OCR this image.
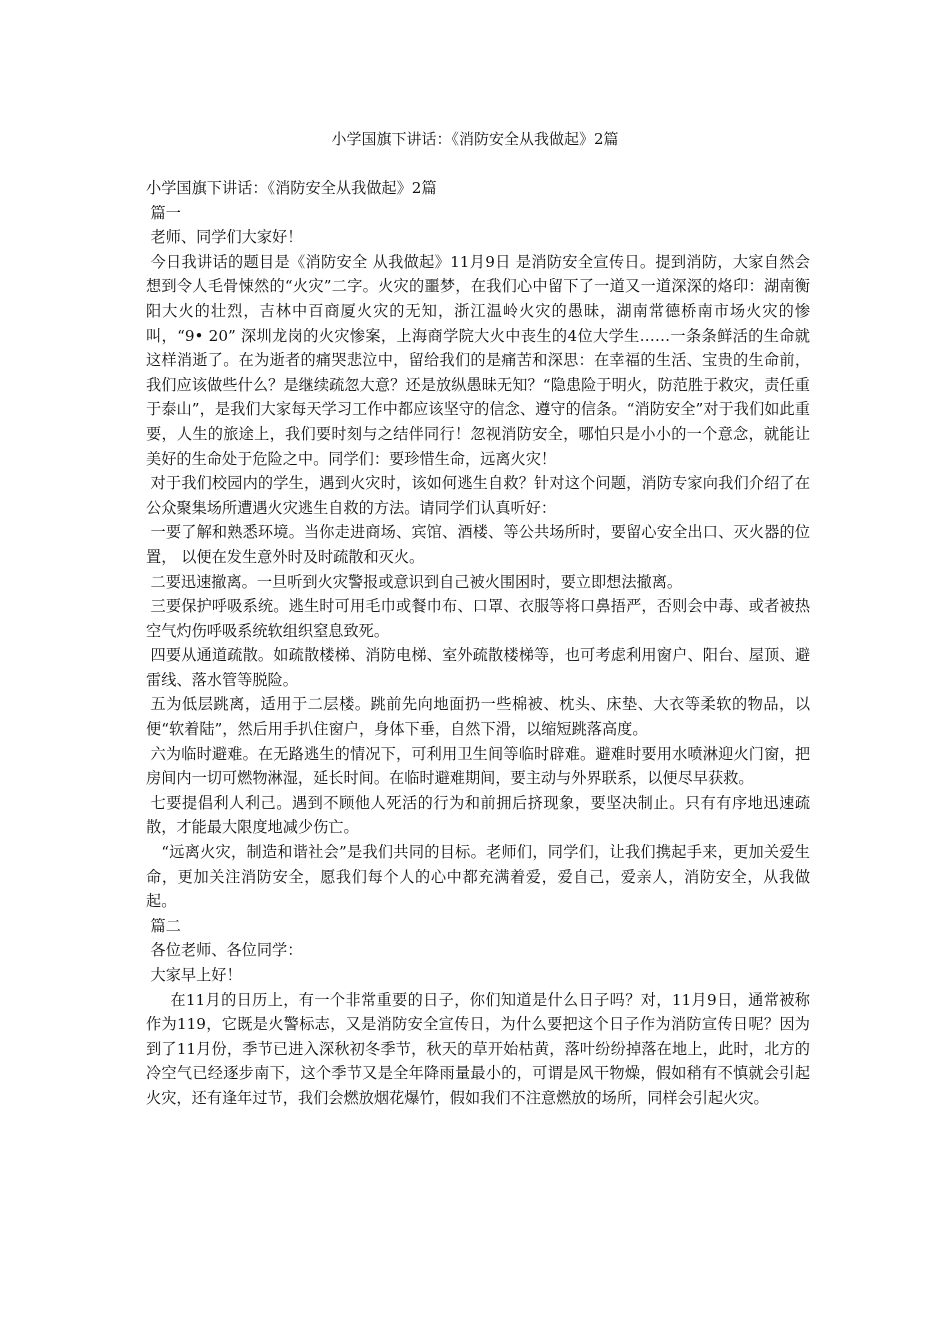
小学国旗下讲话：《消防安全从我做起》2篇

小学国旗下讲话：《消防安全从我做起》2篇

篇一

老师、同学们大家好！

今日我讲话的题目是《消防安全 从我做起》11月9日 是消防安全宣传日。提到消防，大家自然会想到令人毛骨悚然的“火灾”二字。火灾的噩梦，在我们心中留下了一道又一道深深的烙印：湖南衡阳大火的壮烈，吉林中百商厦火灾的无知，浙江温岭火灾的愚昧，湖南常德桥南市场火灾的惨叫，“9• 20” 深圳龙岗的火灾惨案，上海商学院大火中丧生的4位大学生……一条条鲜活的生命就这样消逝了。在为逝者的痛哭悲泣中，留给我们的是痛苦和深思：在幸福的生活、宝贵的生命前，我们应该做些什么？是继续疏忽大意？还是放纵愚昧无知？“隐患险于明火，防范胜于救灾，责任重于泰山”，是我们大家每天学习工作中都应该坚守的信念、遵守的信条。“消防安全”对于我们如此重要，人生的旅途上，我们要时刻与之结伴同行！忽视消防安全，哪怕只是小小的一个意念，就能让美好的生命处于危险之中。同学们：要珍惜生命，远离火灾！

对于我们校园内的学生，遇到火灾时，该如何逃生自救？针对这个问题，消防专家向我们介绍了在公众聚集场所遭遇火灾逃生自救的方法。请同学们认真听好：

一要了解和熟悉环境。当你走进商场、宾馆、酒楼、等公共场所时，要留心安全出口、灭火器的位置， 以便在发生意外时及时疏散和灭火。

二要迅速撤离。一旦听到火灾警报或意识到自己被火围困时，要立即想法撤离。

三要保护呼吸系统。逃生时可用毛巾或餐巾布、口罩、衣服等将口鼻捂严，否则会中毒、或者被热空气灼伤呼吸系统软组织窒息致死。

四要从通道疏散。如疏散楼梯、消防电梯、室外疏散楼梯等，也可考虑利用窗户、阳台、屋顶、避雷线、落水管等脱险。

五为低层跳离，适用于二层楼。跳前先向地面扔一些棉被、枕头、床垫、大衣等柔软的物品，以便“软着陆”，然后用手扒住窗户，身体下垂，自然下滑，以缩短跳落高度。

六为临时避难。在无路逃生的情况下，可利用卫生间等临时辟难。避难时要用水喷淋迎火门窗，把房间内一切可燃物淋湿，延长时间。在临时避难期间，要主动与外界联系，以便尽早获救。

七要提倡利人利己。遇到不顾他人死活的行为和前拥后挤现象，要坚决制止。只有有序地迅速疏散，才能最大限度地减少伤亡。

“远离火灾，制造和谐社会”是我们共同的目标。老师们，同学们，让我们携起手来，更加关爱生命，更加关注消防安全，愿我们每个人的心中都充满着爱，爱自己，爱亲人，消防安全，从我做起。

篇二

各位老师、各位同学：

大家早上好！

在11月的日历上，有一个非常重要的日子，你们知道是什么日子吗？对，11月9日，通常被称作为119，它既是火警标志，又是消防安全宣传日，为什么要把这个日子作为消防宣传日呢？因为到了11月份，季节已进入深秋初冬季节，秋天的草开始枯黄，落叶纷纷掉落在地上，此时，北方的冷空气已经逐步南下，这个季节又是全年降雨量最小的，可谓是风干物燥，假如稍有不慎就会引起火灾，还有逢年过节，我们会燃放烟花爆竹，假如我们不注意燃放的场所，同样会引起火灾。
